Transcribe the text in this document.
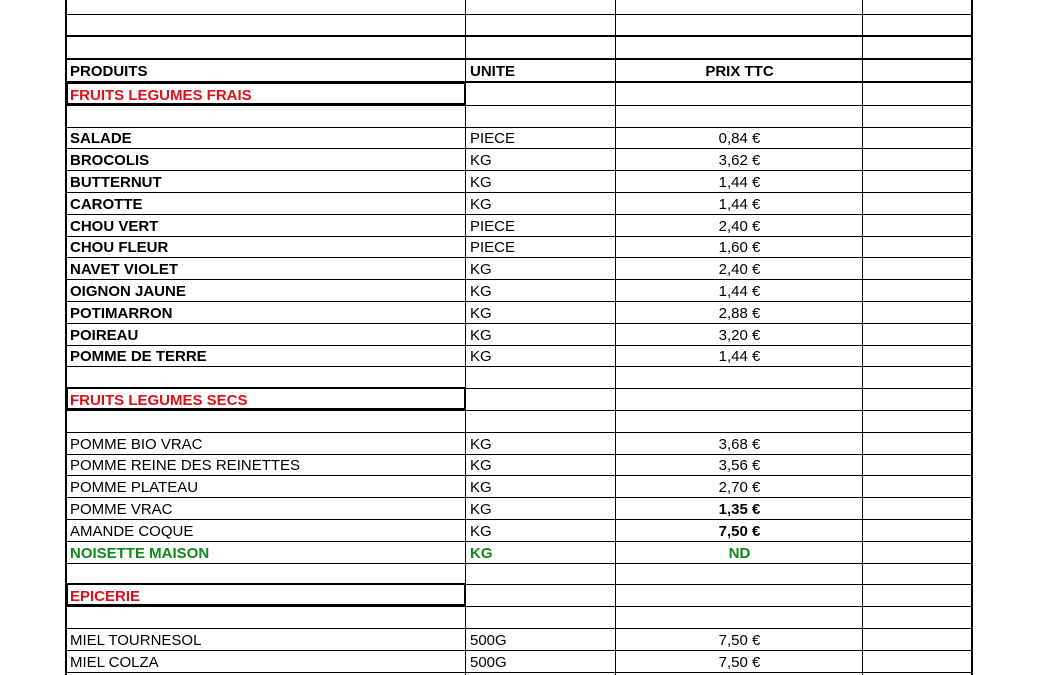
PRODUITS	UNITE	PRIX TTC
FRUITS LEGUMES FRAIS
SALADE	PIECE	0,84 €
BROCOLIS	KG	3,62 €
BUTTERNUT	KG	1,44 €
CAROTTE	KG	1,44 €
CHOU VERT	PIECE	2,40 €
CHOU FLEUR	PIECE	1,60 €
NAVET VIOLET	KG	2,40 €
OIGNON JAUNE	KG	1,44 €
POTIMARRON	KG	2,88 €
POIREAU	KG	3,20 €
POMME DE TERRE	KG	1,44 €
FRUITS LEGUMES SECS
POMME BIO VRAC	KG	3,68 €
POMME REINE DES REINETTES	KG	3,56 €
POMME PLATEAU	KG	2,70 €
POMME VRAC	KG	1,35 €
AMANDE COQUE	KG	7,50 €
NOISETTE MAISON	KG	ND
EPICERIE
MIEL TOURNESOL	500G	7,50 €
MIEL COLZA	500G	7,50 €
